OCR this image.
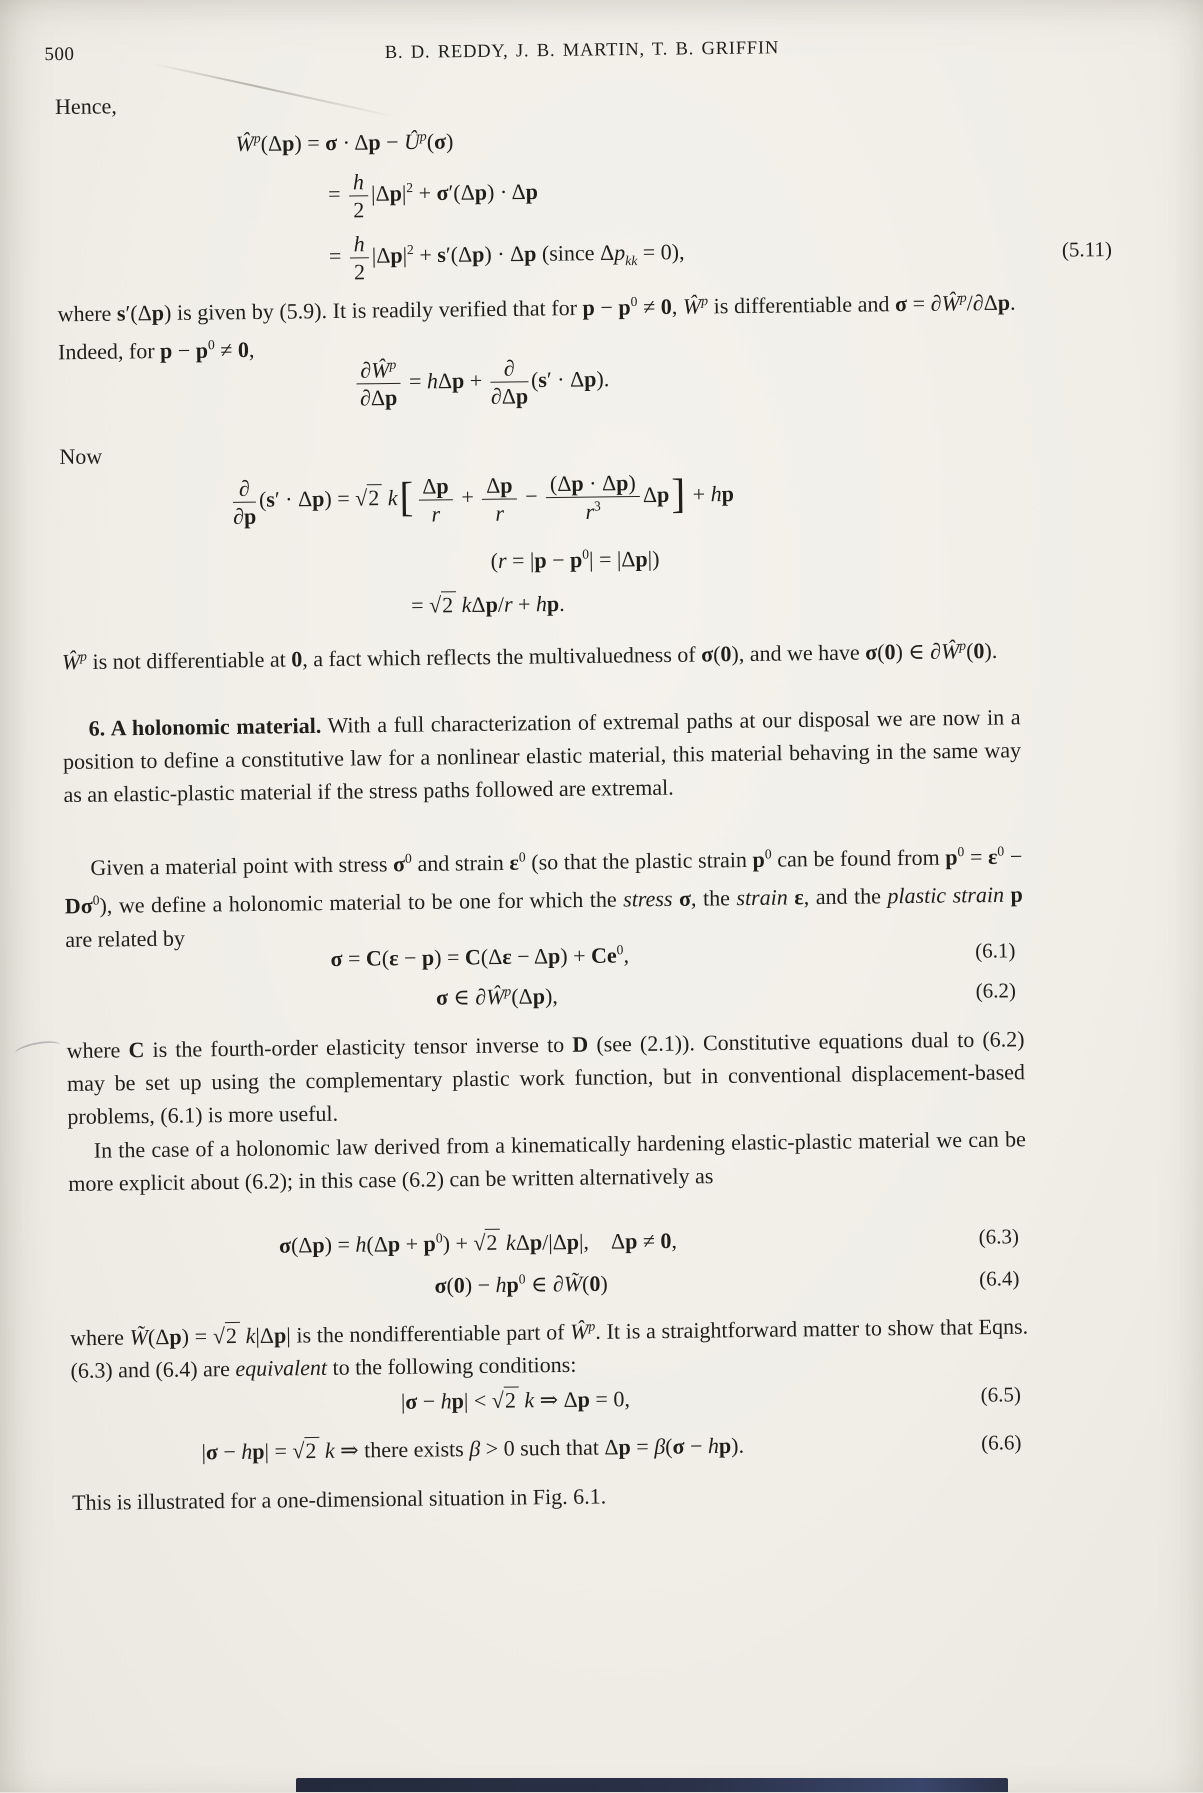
500	B. D. REDDY, J. B. MARTIN, T. B. GRIFFIN
Hence,
$Ŵ^p(\Delta p) = \sigma \cdot \Delta p$ − $Û^p(\sigma)$
= $\frac{h}{2} |\Delta p|^2 + \sigma'(\Delta p) \cdot \Delta p$
= $\frac{h}{2} |\Delta p|^2 + s'(\Delta p) \cdot \Delta p$ (since $\Delta p_{kk} = 0$),	(5.11)
where s′(Δp) is given by (5.9). It is readily verified that for $p - p^0 \ne 0$, $Ŵ^p$ is differentiable and $\sigma = \partial Ŵ^p/\partial\Delta p$. Indeed, for $p - p^0 \ne 0$,
$\frac{\partial Ŵ^p}{\partial\Delta p} = h\Delta p$ + ∂
∂Δp
(s′ · Δp).
Now
∂
∂p
(s′ · Δp) = √2 $k[ \frac{\Delta p}{r} + \frac{\Delta p}{r} - \frac{(\Delta p \cdot \Delta p)}{r^3} \Delta p]$ + hp
$(r = |p - p^0| = |\Delta p|)$
= √2 kΔp/r + hp.
$Ŵ^p$ is not differentiable at 0, a fact which reflects the multivaluedness of σ(0), and we have σ(0) ∈ $\partial Ŵ^p(0)$.
6. A holonomic material. With a full characterization of extremal paths at our disposal we are now in a position to define a constitutive law for a nonlinear elastic material, this material behaving in the same way as an elastic-plastic material if the stress paths followed are extremal.
Given a material point with stress $\sigma^0$ and strain $\varepsilon^0$ (so that the plastic strain $p^0$ can be found from $p^0 = \varepsilon^0 - D\sigma^0$), we define a holonomic material to be one for which the stress σ, the strain ε, and the plastic strain p are related by
$\sigma = C(\varepsilon - p) = C(\Delta\varepsilon - \Delta p) + Ce^0$,	(6.1)
σ ∈ $\partial Ŵ^p(\Delta p)$,	(6.2)
where C is the fourth-order elasticity tensor inverse to D (see (2.1)). Constitutive equations dual to (6.2) may be set up using the complementary plastic work function, but in conventional displacement-based problems, (6.1) is more useful.
In the case of a holonomic law derived from a kinematically hardening elastic-plastic material we can be more explicit about (6.2); in this case (6.2) can be written alternatively as
$\sigma(\Delta p) = h(\Delta p + p^0) + √2$ kΔp/|Δp|, Δp ≠ 0,	(6.3)
$\sigma(0) - hp^0$ ∈ ∂W̃(0)	(6.4)
where W̃(Δp) = √2 k|Δp| is the nondifferentiable part of $Ŵ^p$. It is a straightforward matter to show that Eqns. (6.3) and (6.4) are equivalent to the following conditions:
|σ − hp| < √2 k ⇒ Δp = 0,	(6.5)
|σ − hp| = √2 k ⇒ there exists β > 0 such that Δp = β(σ − hp).	(6.6)
This is illustrated for a one-dimensional situation in Fig. 6.1.
